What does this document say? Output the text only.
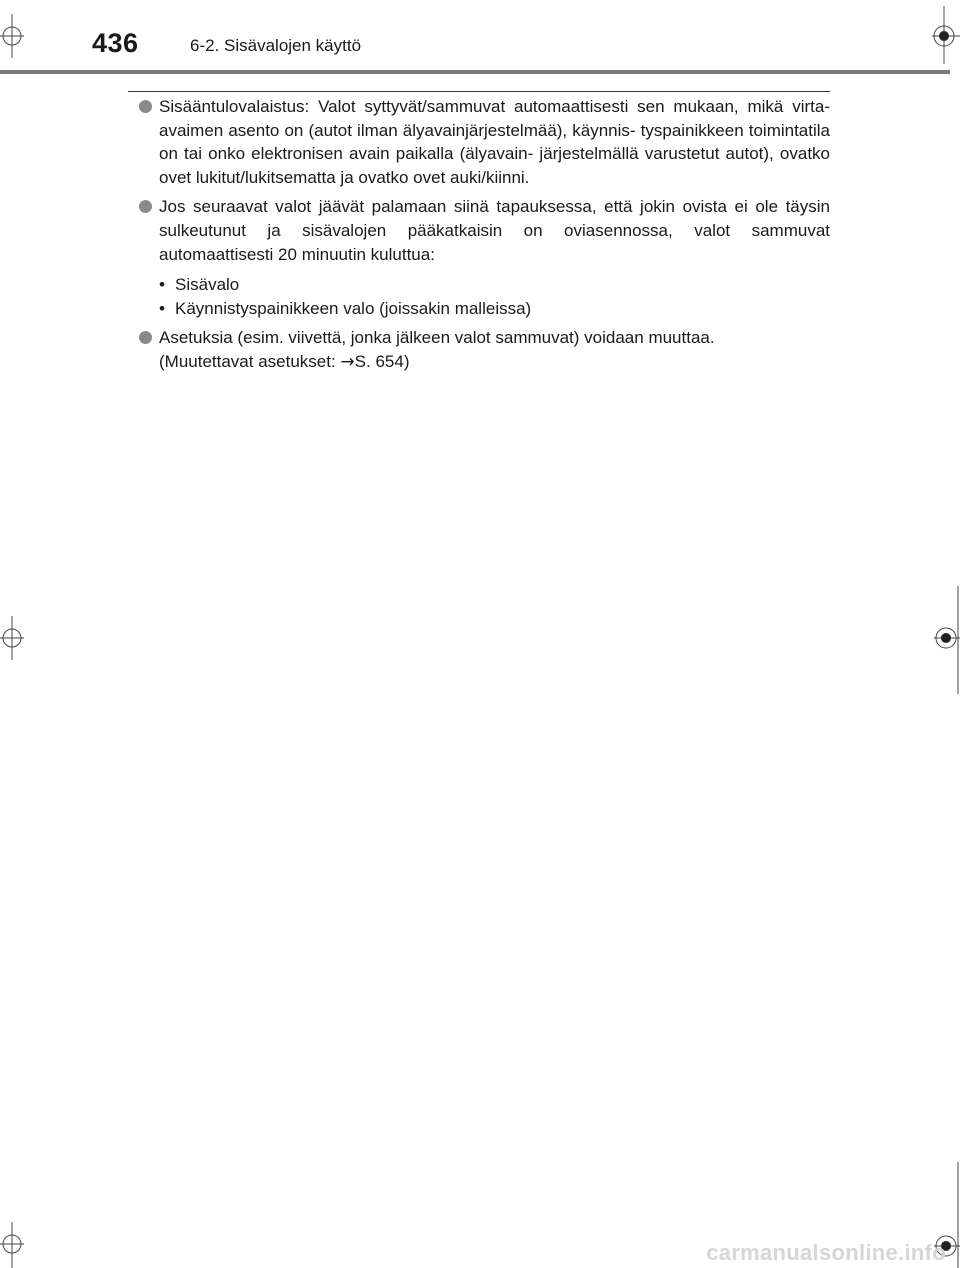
436	6-2. Sisävalojen käyttö
Sisääntulovalaistus: Valot syttyvät/sammuvat automaattisesti sen mukaan, mikä virta-avaimen asento on (autot ilman älyavainjärjestelmää), käynnis- tyspainikkeen toimintatila on tai onko elektronisen avain paikalla (älyavain- järjestelmällä varustetut autot), ovatko ovet lukitut/lukitsematta ja ovatko ovet auki/kiinni.
Jos seuraavat valot jäävät palamaan siinä tapauksessa, että jokin ovista ei ole täysin sulkeutunut ja sisävalojen pääkatkaisin on oviasennossa, valot sammuvat automaattisesti 20 minuutin kuluttua:
• Sisävalo
• Käynnistyspainikkeen valo (joissakin malleissa)
Asetuksia (esim. viivettä, jonka jälkeen valot sammuvat) voidaan muuttaa.
(Muutettavat asetukset: →S. 654)
carmanualsonline.info
